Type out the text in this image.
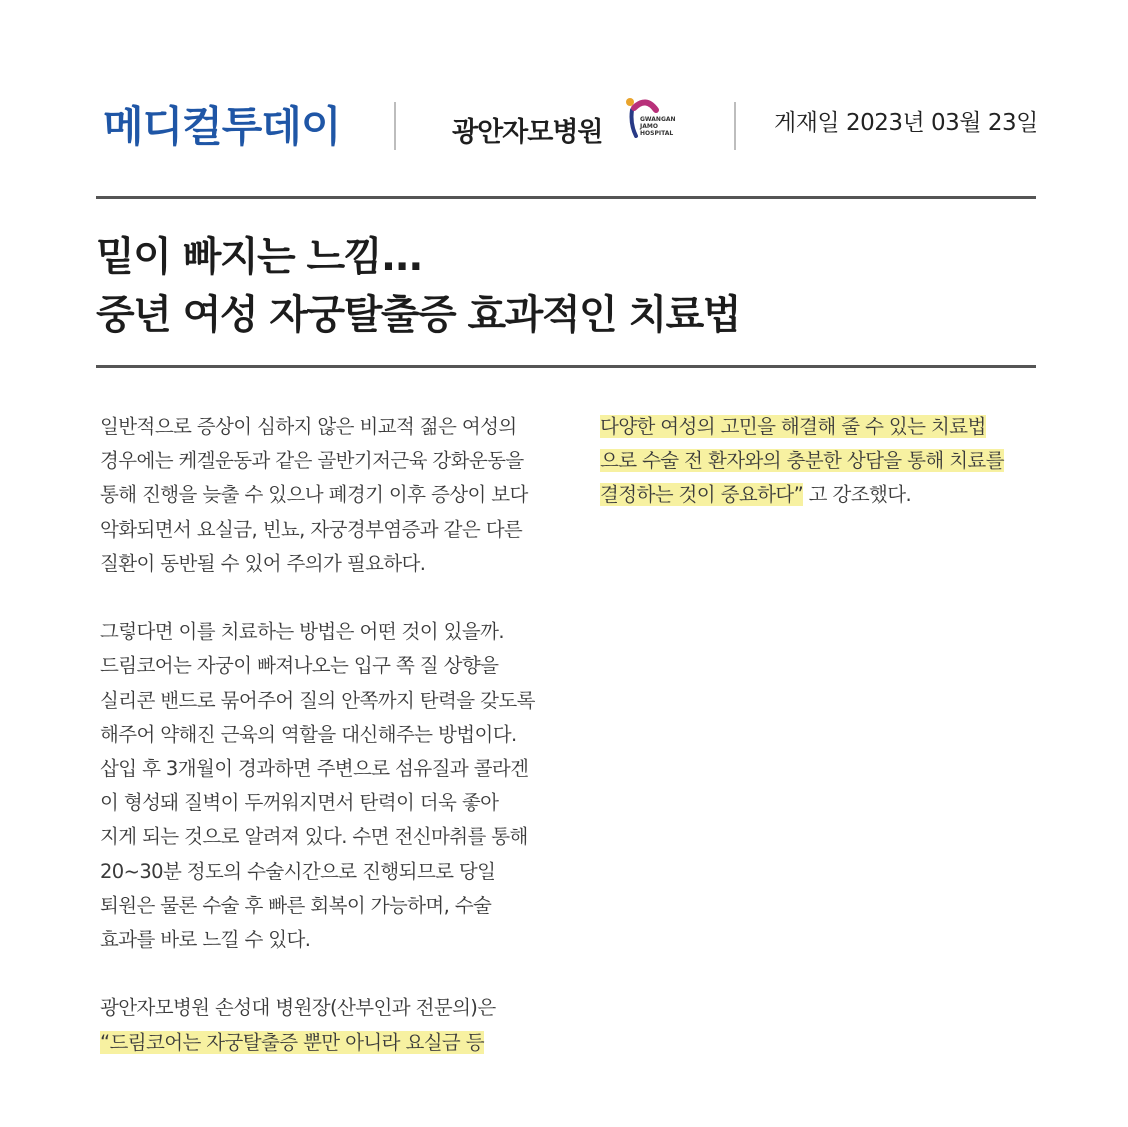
메디컬투데이	광안자모병원	GWANGAN
JAMO
HOSPITAL	게재일 2023년 03월 23일
밑이 빠지는 느낌...
중년 여성 자궁탈출증 효과적인 치료법
일반적으로 증상이 심하지 않은 비교적 젊은 여성의
경우에는 케겔운동과 같은 골반기저근육 강화운동을
통해 진행을 늦출 수 있으나 폐경기 이후 증상이 보다
악화되면서 요실금, 빈뇨, 자궁경부염증과 같은 다른
질환이 동반될 수 있어 주의가 필요하다.
그렇다면 이를 치료하는 방법은 어떤 것이 있을까.
드림코어는 자궁이 빠져나오는 입구 쪽 질 상향을
실리콘 밴드로 묶어주어 질의 안쪽까지 탄력을 갖도록
해주어 약해진 근육의 역할을 대신해주는 방법이다.
삽입 후 3개월이 경과하면 주변으로 섬유질과 콜라겐
이 형성돼 질벽이 두꺼워지면서 탄력이 더욱 좋아
지게 되는 것으로 알려져 있다. 수면 전신마취를 통해
20~30분 정도의 수술시간으로 진행되므로 당일
퇴원은 물론 수술 후 빠른 회복이 가능하며, 수술
효과를 바로 느낄 수 있다.
광안자모병원 손성대 병원장(산부인과 전문의)은
“드림코어는 자궁탈출증 뿐만 아니라 요실금 등
다양한 여성의 고민을 해결해 줄 수 있는 치료법
으로 수술 전 환자와의 충분한 상담을 통해 치료를
결정하는 것이 중요하다” 고 강조했다.
